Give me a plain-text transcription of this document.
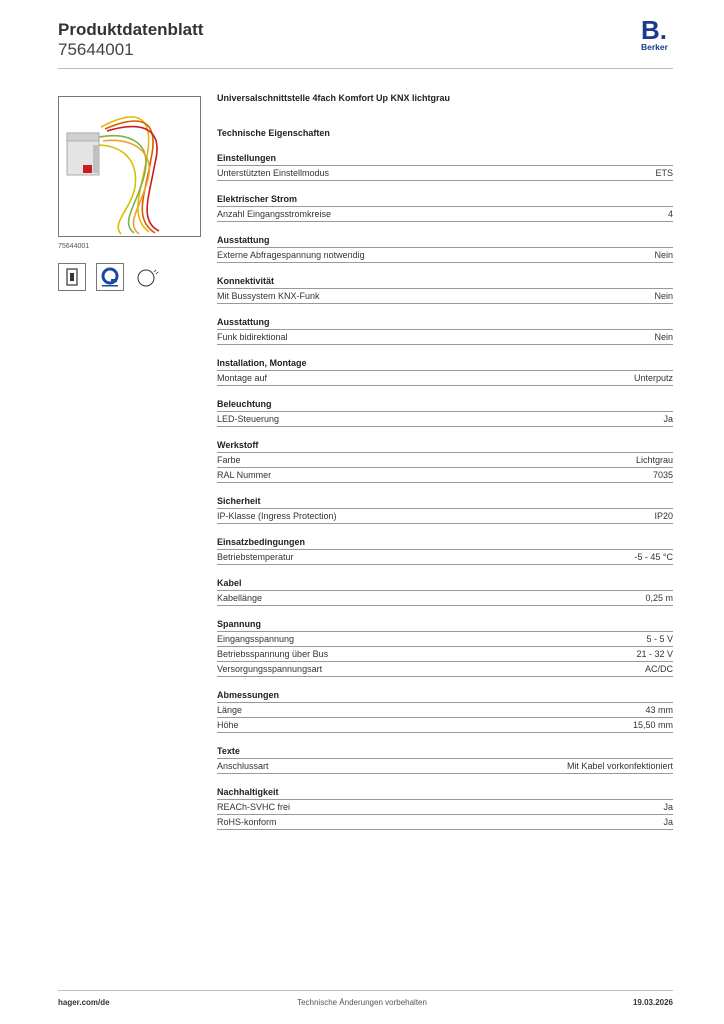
Produktdatenblatt
75644001
B.
Berker
75644001
Universalschnittstelle 4fach Komfort Up KNX lichtgrau
Technische Eigenschaften
Einstellungen
Unterstützten Einstellmodus	ETS
Elektrischer Strom
Anzahl Eingangsstromkreise	4
Ausstattung
Externe Abfragespannung notwendig	Nein
Konnektivität
Mit Bussystem KNX-Funk	Nein
Ausstattung
Funk bidirektional	Nein
Installation, Montage
Montage auf	Unterputz
Beleuchtung
LED-Steuerung	Ja
Werkstoff
Farbe	Lichtgrau
RAL Nummer	7035
Sicherheit
IP-Klasse (Ingress Protection)	IP20
Einsatzbedingungen
Betriebstemperatur	-5 - 45 °C
Kabel
Kabellänge	0,25 m
Spannung
Eingangsspannung	5 - 5 V
Betriebsspannung über Bus	21 - 32 V
Versorgungsspannungsart	AC/DC
Abmessungen
Länge	43 mm
Höhe	15,50 mm
Texte
Anschlussart	Mit Kabel vorkonfektioniert
Nachhaltigkeit
REACh-SVHC frei	Ja
RoHS-konform	Ja
hager.com/de	Technische Änderungen vorbehalten	19.03.2026
